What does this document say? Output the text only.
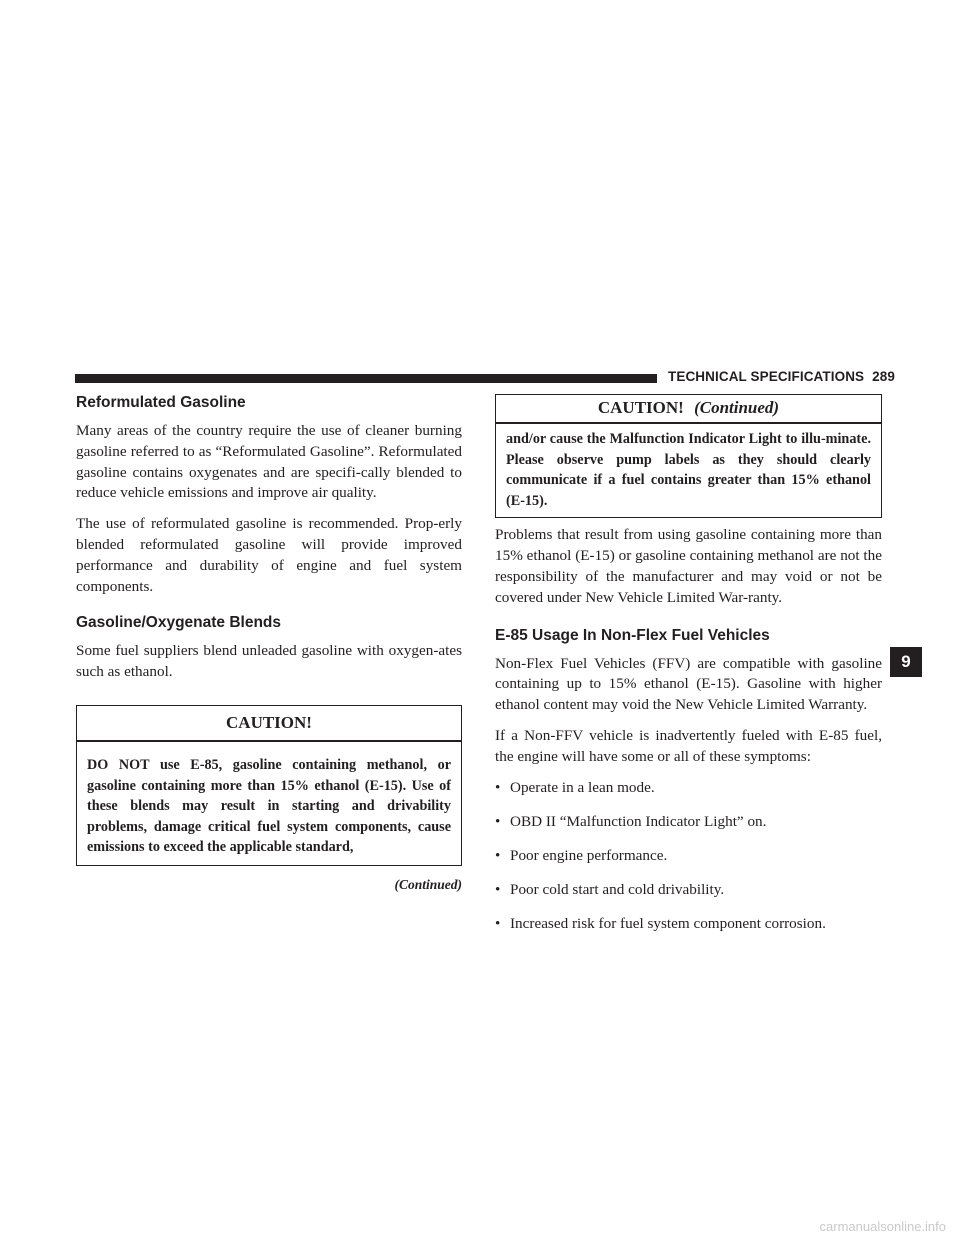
TECHNICAL SPECIFICATIONS 289
Reformulated Gasoline

Many areas of the country require the use of cleaner burning gasoline referred to as “Reformulated Gasoline”. Reformulated gasoline contains oxygenates and are specifi-cally blended to reduce vehicle emissions and improve air quality.

The use of reformulated gasoline is recommended. Prop-erly blended reformulated gasoline will provide improved performance and durability of engine and fuel system components.

Gasoline/Oxygenate Blends

Some fuel suppliers blend unleaded gasoline with oxygen-ates such as ethanol.

CAUTION!
DO NOT use E-85, gasoline containing methanol, or gasoline containing more than 15% ethanol (E-15). Use of these blends may result in starting and drivability problems, damage critical fuel system components, cause emissions to exceed the applicable standard,
(Continued)
CAUTION! (Continued)
and/or cause the Malfunction Indicator Light to illu-minate. Please observe pump labels as they should clearly communicate if a fuel contains greater than 15% ethanol (E-15).

Problems that result from using gasoline containing more than 15% ethanol (E-15) or gasoline containing methanol are not the responsibility of the manufacturer and may void or not be covered under New Vehicle Limited War-ranty.

E-85 Usage In Non-Flex Fuel Vehicles

Non-Flex Fuel Vehicles (FFV) are compatible with gasoline containing up to 15% ethanol (E-15). Gasoline with higher ethanol content may void the New Vehicle Limited Warranty.

If a Non-FFV vehicle is inadvertently fueled with E-85 fuel, the engine will have some or all of these symptoms:

• Operate in a lean mode.
• OBD II “Malfunction Indicator Light” on.
• Poor engine performance.
• Poor cold start and cold drivability.
• Increased risk for fuel system component corrosion.
9
carmanualsonline.info
